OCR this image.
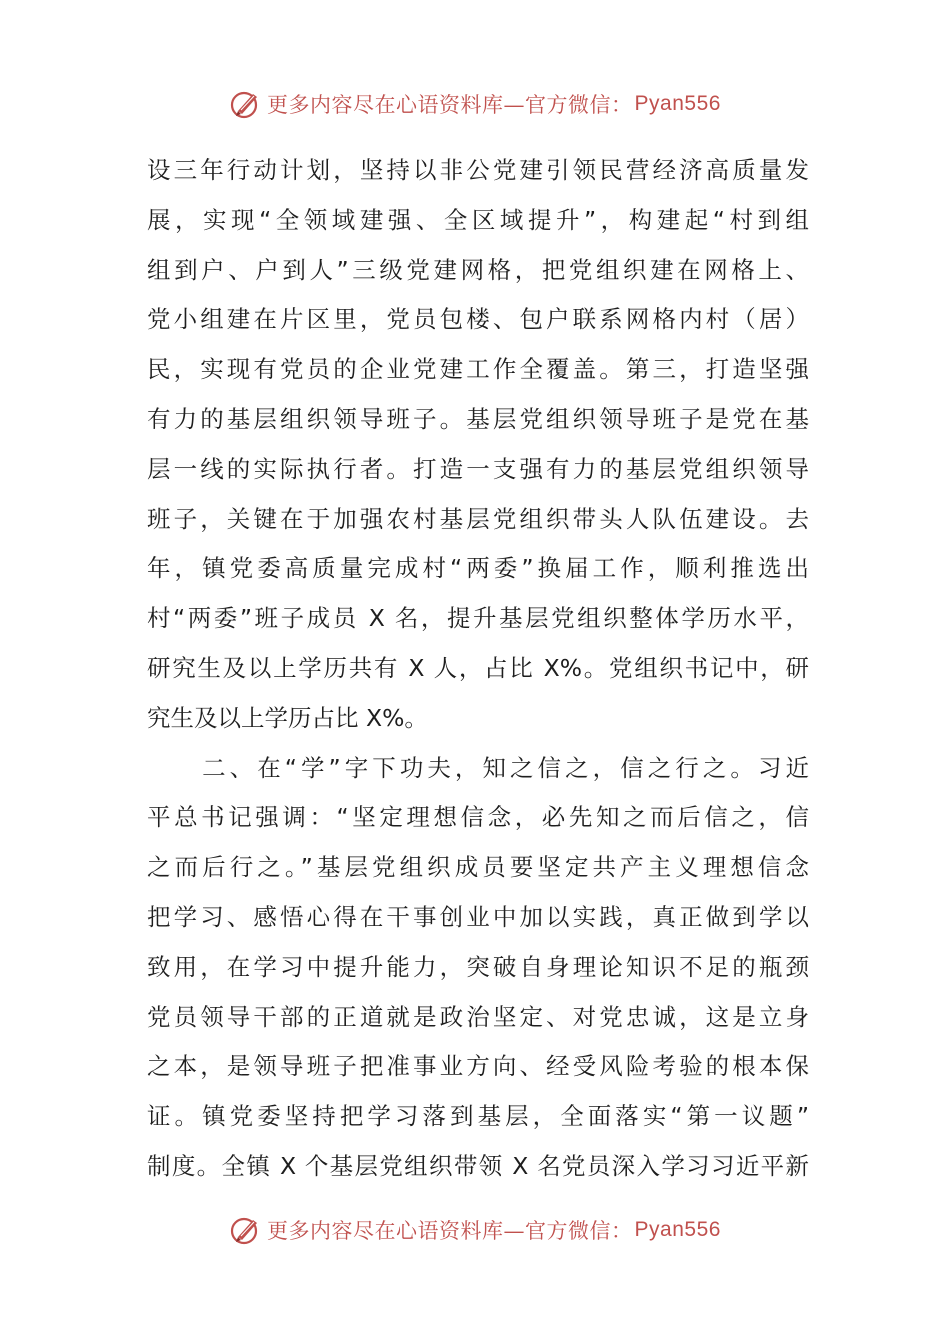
更多内容尽在心语资料库—官方微信： Pyan556
设三年行动计划，坚持以非公党建引领民营经济高质量发
展，实现“全领域建强、全区域提升”，构建起“村到组
组到户、户到人”三级党建网格，把党组织建在网格上、
党小组建在片区里，党员包楼、包户联系网格内村（居）
民，实现有党员的企业党建工作全覆盖。第三，打造坚强
有力的基层组织领导班子。基层党组织领导班子是党在基
层一线的实际执行者。打造一支强有力的基层党组织领导
班子，关键在于加强农村基层党组织带头人队伍建设。去
年，镇党委高质量完成村“两委”换届工作，顺利推选出
村“两委”班子成员 X 名，提升基层党组织整体学历水平，
研究生及以上学历共有 X 人，占比 X%。党组织书记中，研
究生及以上学历占比 X%。
　　二、在“学”字下功夫，知之信之，信之行之。习近
平总书记强调：“坚定理想信念，必先知之而后信之，信
之而后行之。”基层党组织成员要坚定共产主义理想信念
把学习、感悟心得在干事创业中加以实践，真正做到学以
致用，在学习中提升能力，突破自身理论知识不足的瓶颈
党员领导干部的正道就是政治坚定、对党忠诚，这是立身
之本，是领导班子把准事业方向、经受风险考验的根本保
证。镇党委坚持把学习落到基层，全面落实“第一议题”
制度。全镇 X 个基层党组织带领 X 名党员深入学习习近平新
更多内容尽在心语资料库—官方微信： Pyan556
